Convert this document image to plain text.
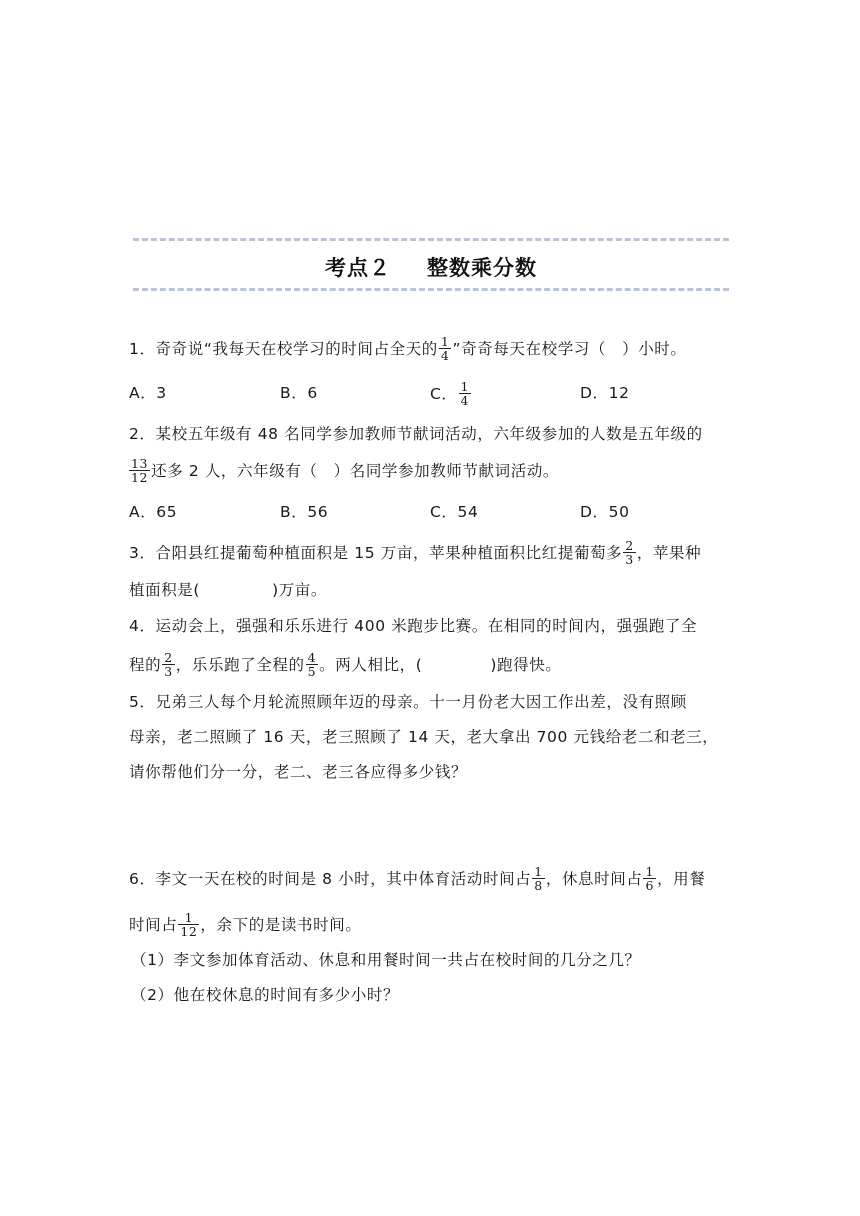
考点２ 整数乘分数
1．奇奇说“我每天在校学习的时间占全天的 $\frac{1}{4}$ ”奇奇每天在校学习（　）小时。
A．3	B．6	C． $\frac{1}{4}$	D．12
2．某校五年级有 48 名同学参加教师节献词活动，六年级参加的人数是五年级的
$\frac{13}{12}$ 还多 2 人，六年级有（　）名同学参加教师节献词活动。
A．65	B．56	C．54	D．50
3．合阳县红提葡萄种植面积是 15 万亩，苹果种植面积比红提葡萄多 $\frac{2}{3}$ ，苹果种
植面积是(	)万亩。
4．运动会上，强强和乐乐进行 400 米跑步比赛。在相同的时间内，强强跑了全
程的 $\frac{2}{3}$ ，乐乐跑了全程的 $\frac{4}{5}$ 。两人相比，(	)跑得快。
5．兄弟三人每个月轮流照顾年迈的母亲。十一月份老大因工作出差，没有照顾
母亲，老二照顾了 16 天，老三照顾了 14 天，老大拿出 700 元钱给老二和老三，
请你帮他们分一分，老二、老三各应得多少钱？
6．李文一天在校的时间是 8 小时，其中体育活动时间占 $\frac{1}{8}$ ，休息时间占 $\frac{1}{6}$ ，用餐
时间占 $\frac{1}{12}$ ，余下的是读书时间。
（1）李文参加体育活动、休息和用餐时间一共占在校时间的几分之几？
（2）他在校休息的时间有多少小时？
